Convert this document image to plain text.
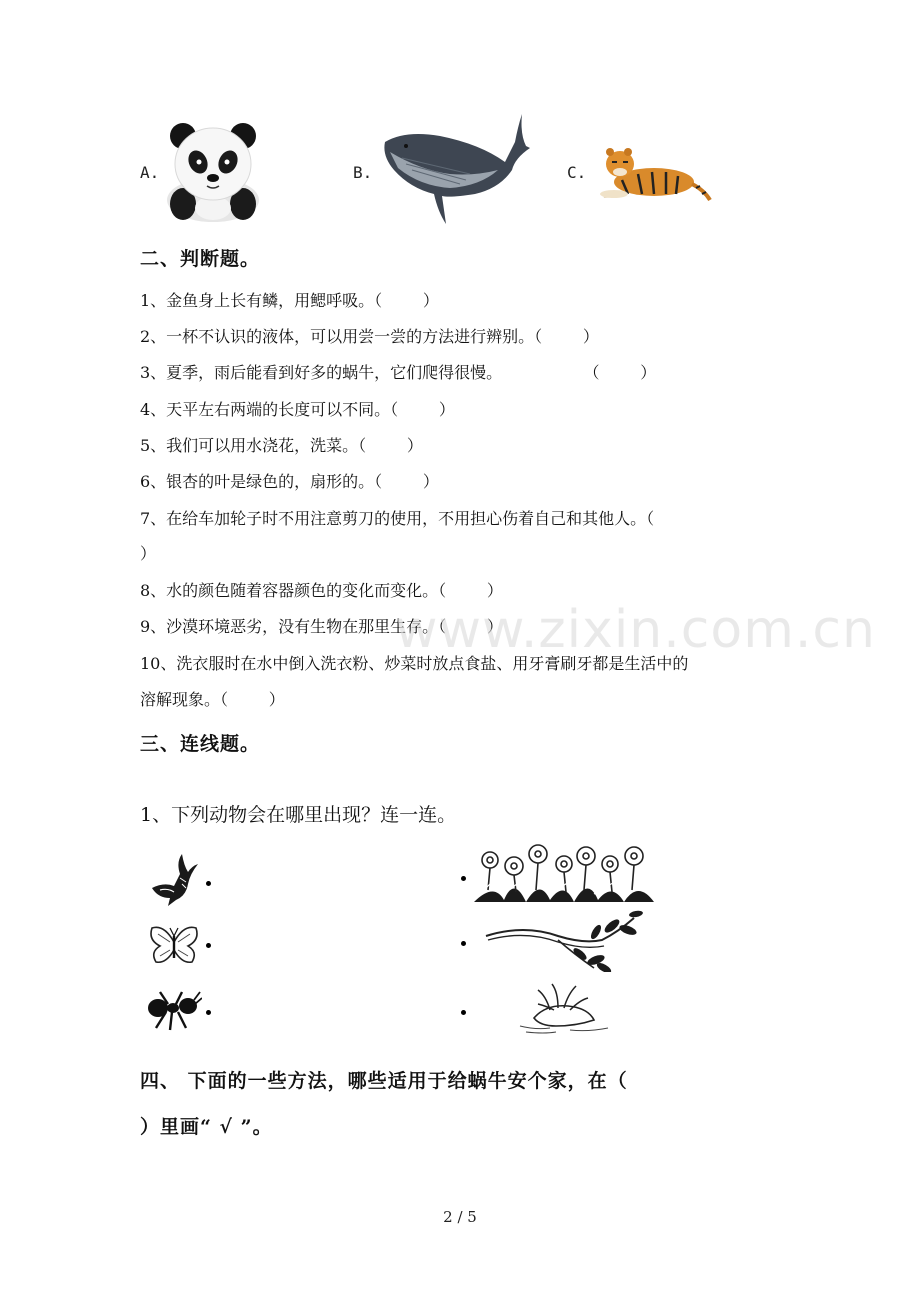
A.	B.	C.
二、判断题。
1、金鱼身上长有鳞，用鳃呼吸。（        ）
2、一杯不认识的液体，可以用尝一尝的方法进行辨别。（        ）
3、夏季，雨后能看到好多的蜗牛，它们爬得很慢。                （        ）
4、天平左右两端的长度可以不同。（        ）
5、我们可以用水浇花，洗菜。（        ）
6、银杏的叶是绿色的，扇形的。（        ）
7、在给车加轮子时不用注意剪刀的使用，不用担心伤着自己和其他人。（
）
8、水的颜色随着容器颜色的变化而变化。（        ）
9、沙漠环境恶劣，没有生物在那里生存。（        ）
10、洗衣服时在水中倒入洗衣粉、炒菜时放点食盐、用牙膏刷牙都是生活中的
溶解现象。（        ）
www.zixin.com.cn
三、连线题。
1、下列动物会在哪里出现？连一连。
四、 下面的一些方法，哪些适用于给蜗牛安个家，在（
）里画“ √ ”。
2 / 5
